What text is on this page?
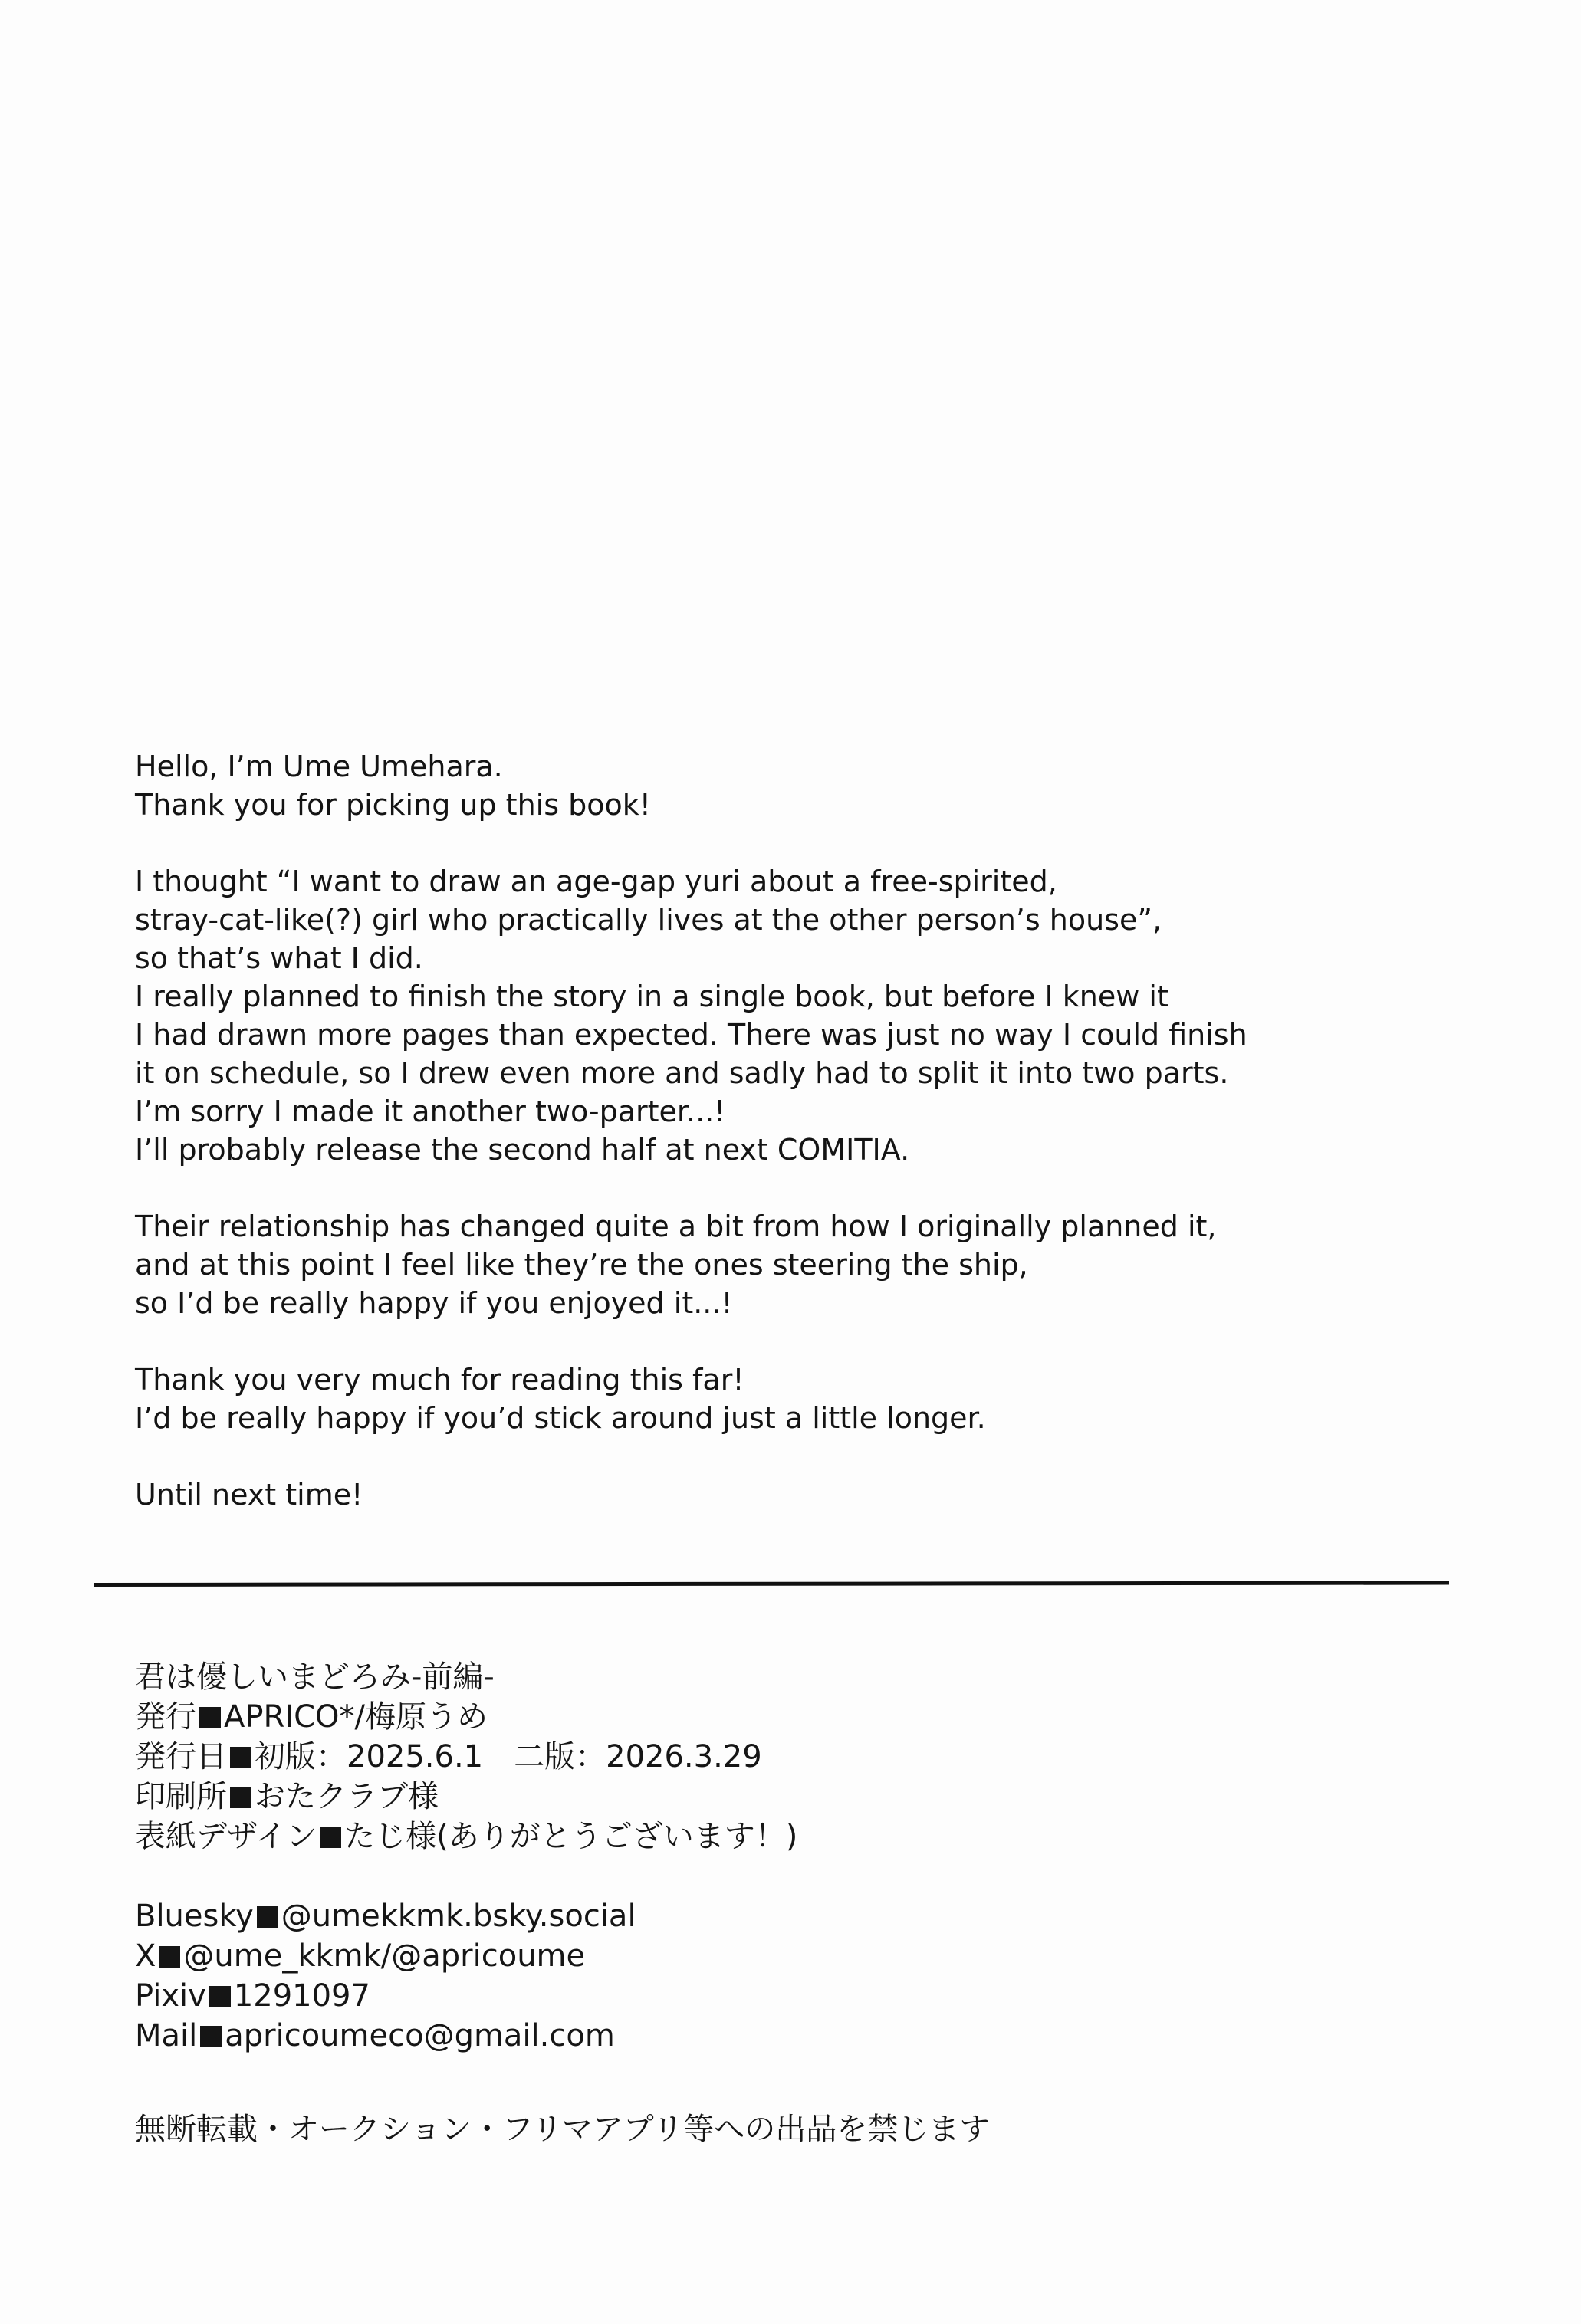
Hello, I’m Ume Umehara.

Thank you for picking up this book!

I thought “I want to draw an age-gap yuri about a free-spirited,

stray-cat-like(?) girl who practically lives at the other person’s house”,

so that’s what I did.

I really planned to finish the story in a single book, but before I knew it

I had drawn more pages than expected. There was just no way I could finish

it on schedule, so I drew even more and sadly had to split it into two parts.

I’m sorry I made it another two-parter...!

I’ll probably release the second half at next COMITIA.

Their relationship has changed quite a bit from how I originally planned it,

and at this point I feel like they’re the ones steering the ship,

so I’d be really happy if you enjoyed it...!

Thank you very much for reading this far!

I’d be really happy if you’d stick around just a little longer.

Until next time!

君は優しいまどろみ-前編-

発行 APRICO*/梅原うめ

発行日 初版：2025.6.1　二版：2026.3.29

印刷所 おたクラブ様

表紙デザイン たじ様(ありがとうございます！)

Bluesky @umekkmk.bsky.social

X @ume_kkmk/@apricoume

Pixiv 1291097

Mail apricoumeco@gmail.com

無断転載・オークション・フリマアプリ等への出品を禁じます
